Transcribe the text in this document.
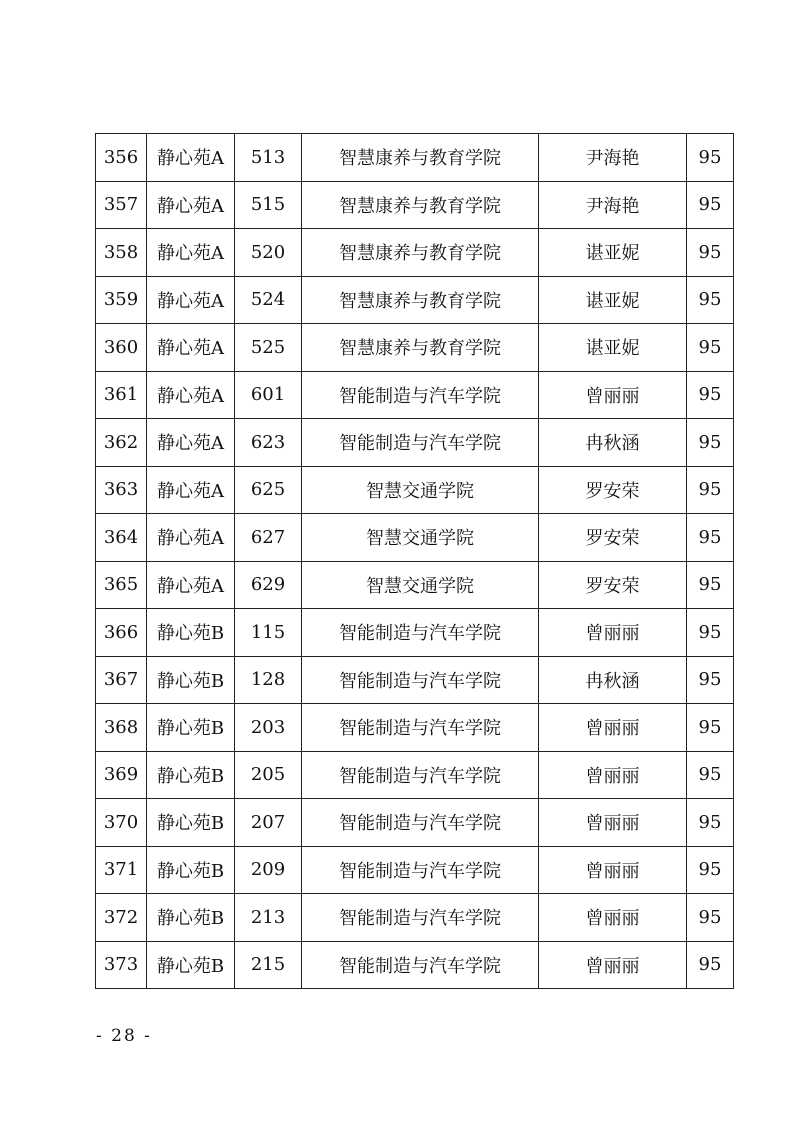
356	静心苑A	513	智慧康养与教育学院	尹海艳	95
357	静心苑A	515	智慧康养与教育学院	尹海艳	95
358	静心苑A	520	智慧康养与教育学院	谌亚妮	95
359	静心苑A	524	智慧康养与教育学院	谌亚妮	95
360	静心苑A	525	智慧康养与教育学院	谌亚妮	95
361	静心苑A	601	智能制造与汽车学院	曾丽丽	95
362	静心苑A	623	智能制造与汽车学院	冉秋涵	95
363	静心苑A	625	智慧交通学院	罗安荣	95
364	静心苑A	627	智慧交通学院	罗安荣	95
365	静心苑A	629	智慧交通学院	罗安荣	95
366	静心苑B	115	智能制造与汽车学院	曾丽丽	95
367	静心苑B	128	智能制造与汽车学院	冉秋涵	95
368	静心苑B	203	智能制造与汽车学院	曾丽丽	95
369	静心苑B	205	智能制造与汽车学院	曾丽丽	95
370	静心苑B	207	智能制造与汽车学院	曾丽丽	95
371	静心苑B	209	智能制造与汽车学院	曾丽丽	95
372	静心苑B	213	智能制造与汽车学院	曾丽丽	95
373	静心苑B	215	智能制造与汽车学院	曾丽丽	95
- 28 -
